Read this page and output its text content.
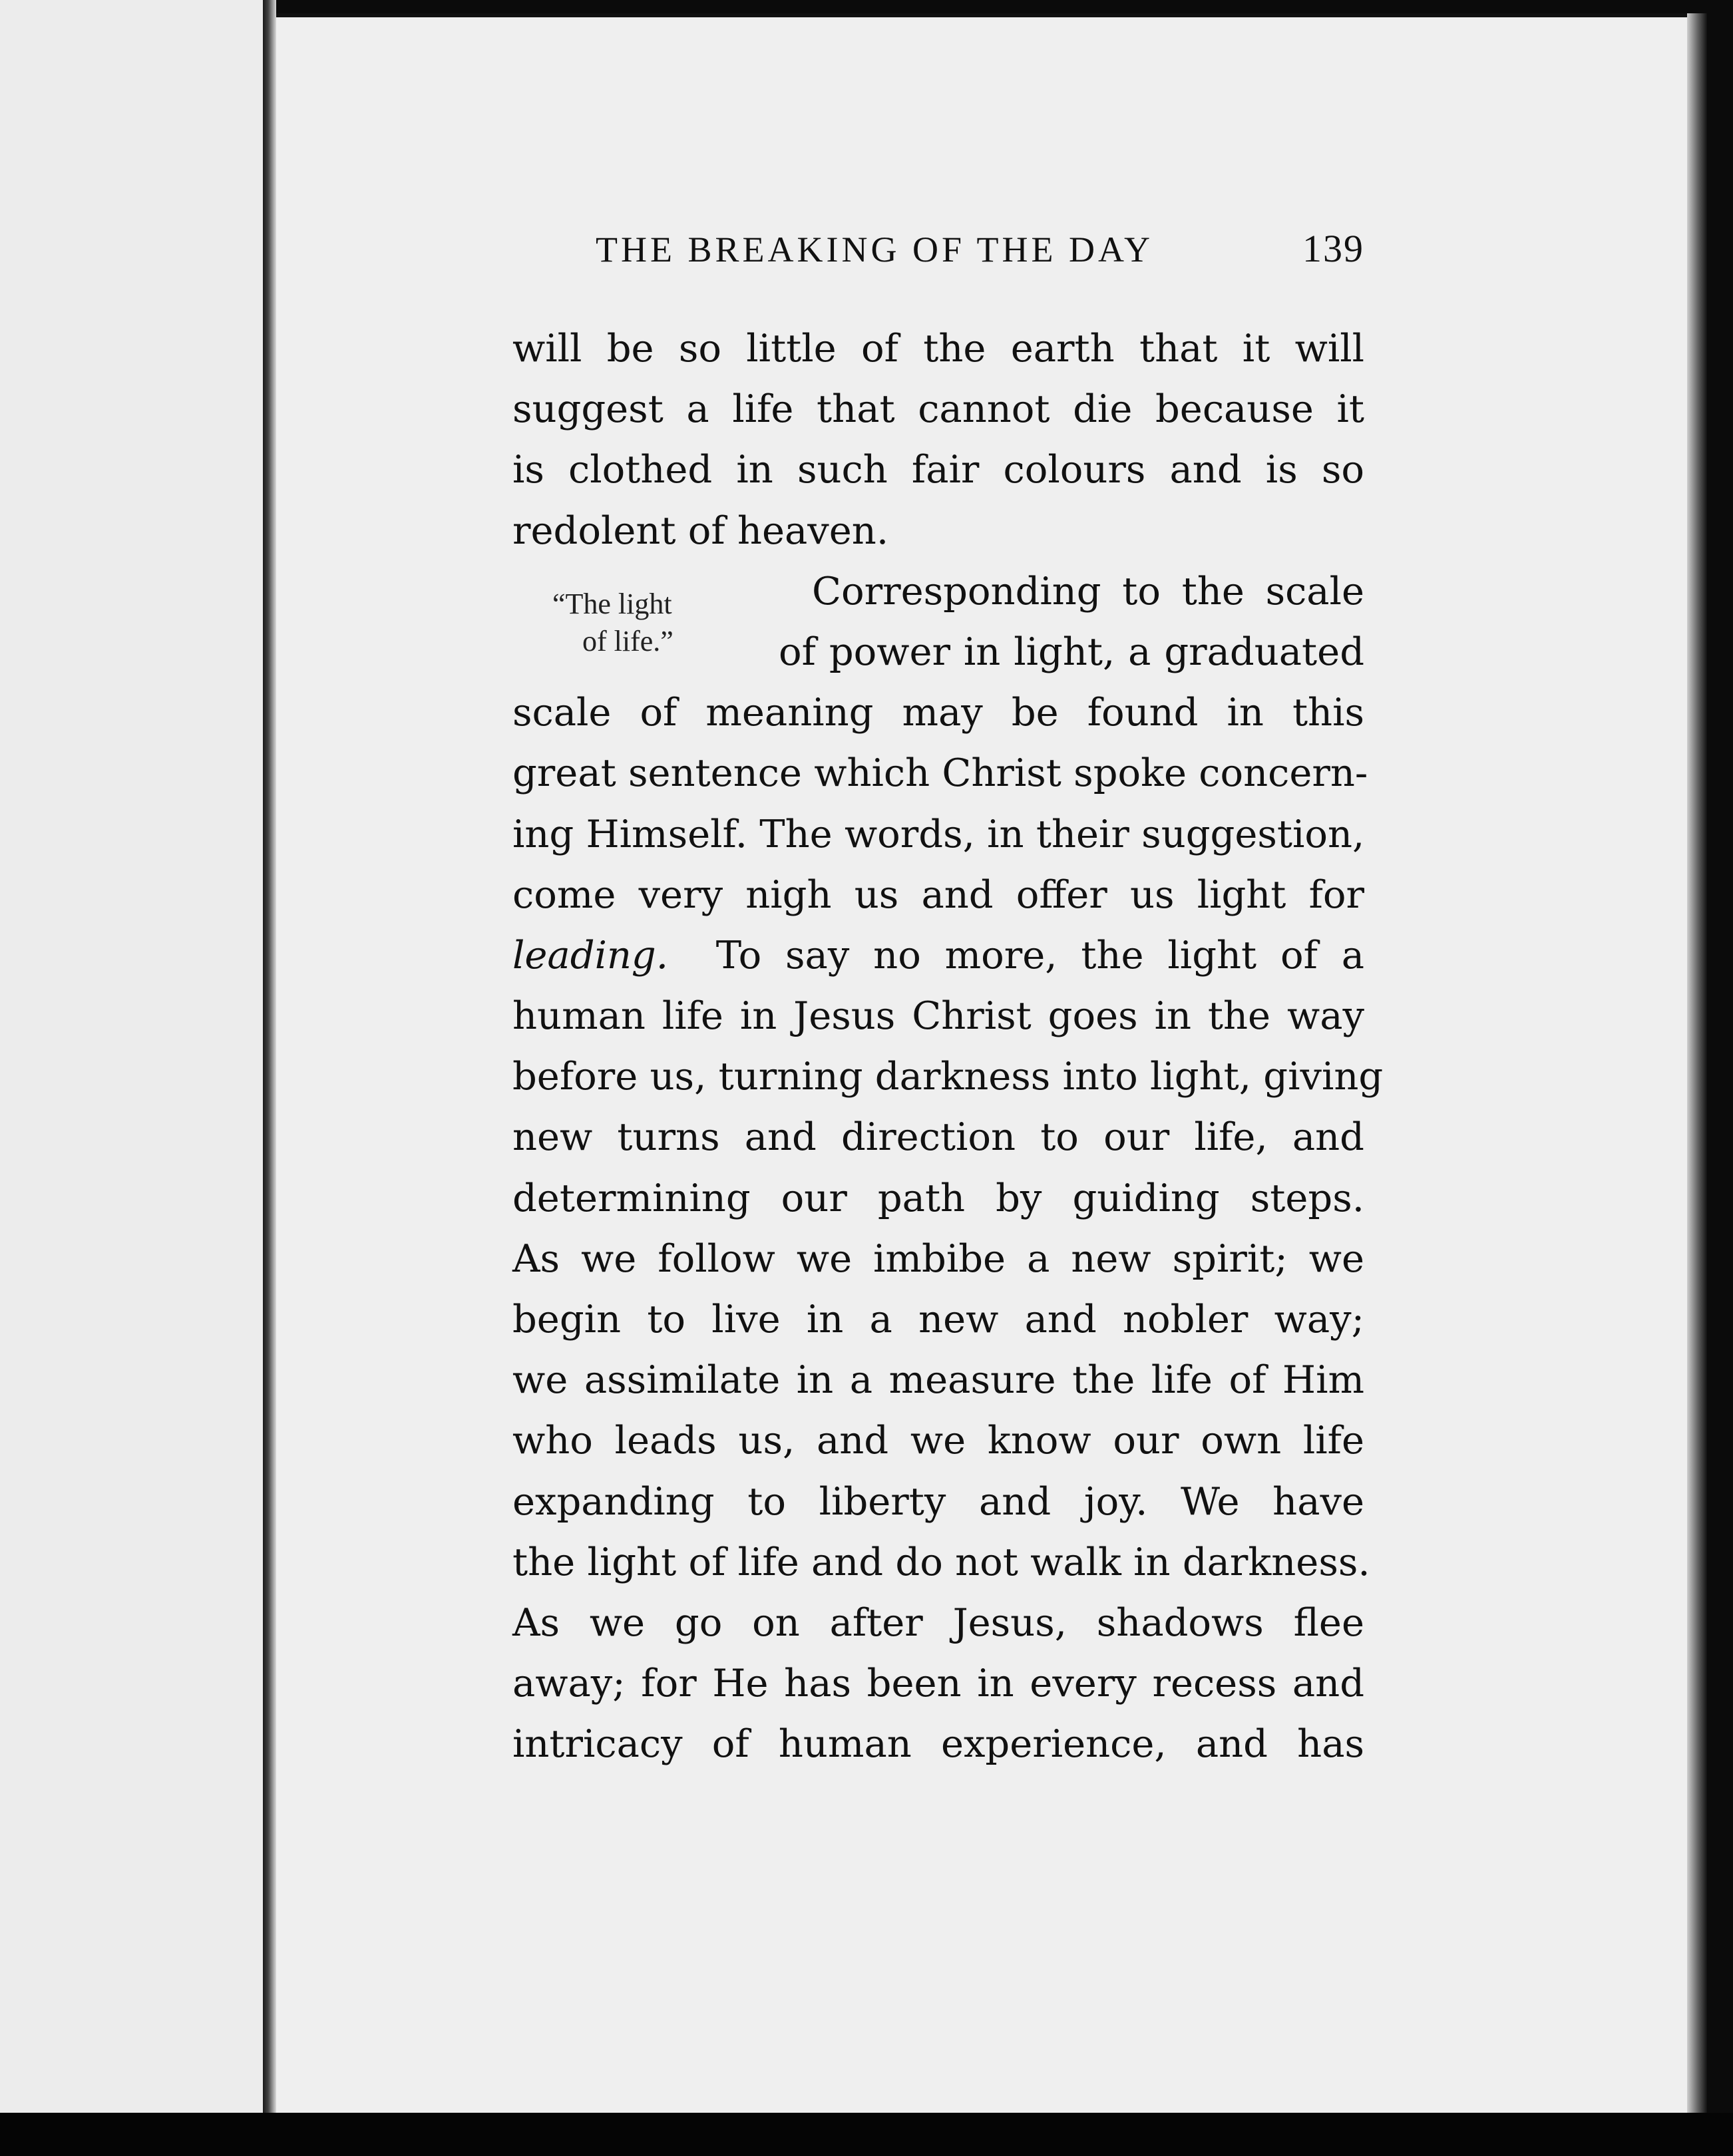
THE BREAKING OF THE DAY	139
“The light
of life.”
will be so little of the earth that it will
suggest a life that cannot die because it
is clothed in such fair colours and is so
redolent of heaven.
Corresponding to the scale
of power in light, a graduated
scale of meaning may be found in this
great sentence which Christ spoke concern-
ing Himself. The words, in their suggestion,
come very nigh us and offer us light for
leading. To say no more, the light of a
human life in Jesus Christ goes in the way
before us, turning darkness into light, giving
new turns and direction to our life, and
determining our path by guiding steps.
As we follow we imbibe a new spirit; we
begin to live in a new and nobler way;
we assimilate in a measure the life of Him
who leads us, and we know our own life
expanding to liberty and joy. We have
the light of life and do not walk in darkness.
As we go on after Jesus, shadows flee
away; for He has been in every recess and
intricacy of human experience, and has
